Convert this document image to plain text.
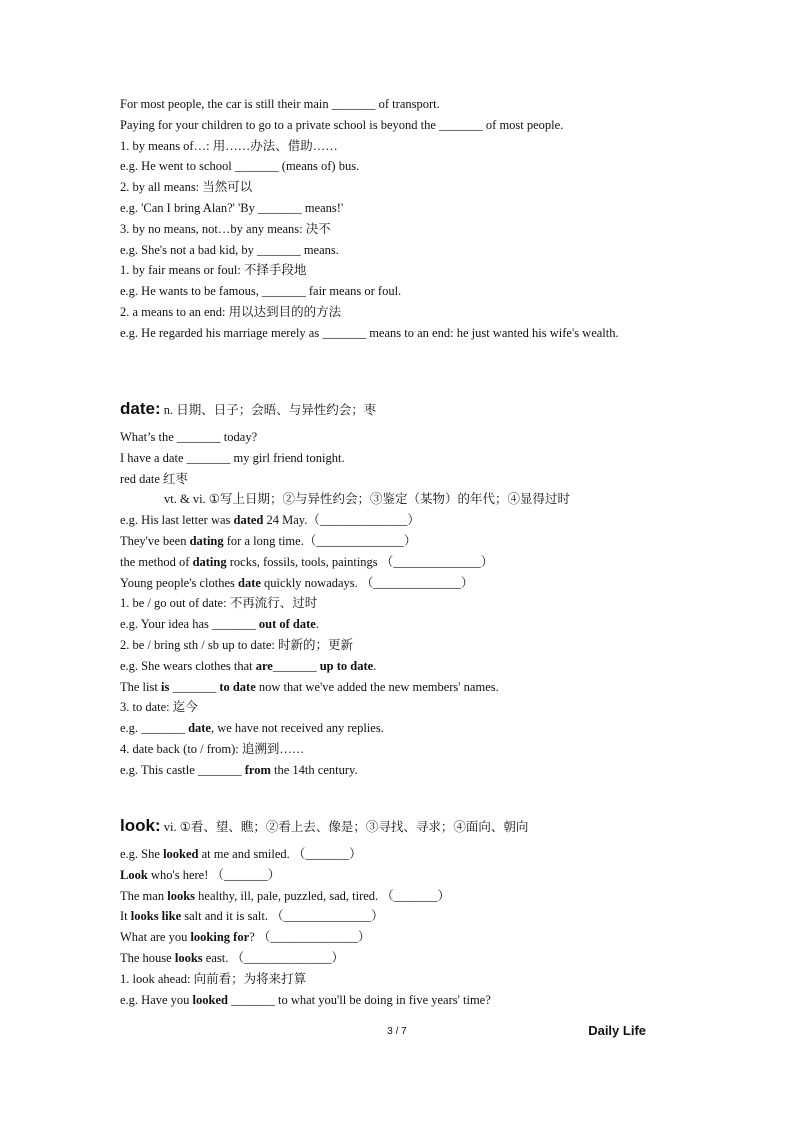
For most people, the car is still their main _______ of transport.
Paying for your children to go to a private school is beyond the _______ of most people.
1. by means of…: 用……办法、借助……
e.g. He went to school _______ (means of) bus.
2. by all means: 当然可以
e.g. 'Can I bring Alan?' 'By _______ means!'
3. by no means, not…by any means: 决不
e.g. She's not a bad kid, by _______ means.
1. by fair means or foul: 不择手段地
e.g. He wants to be famous, _______ fair means or foul.
2. a means to an end: 用以达到目的的方法
e.g. He regarded his marriage merely as _______ means to an end: he just wanted his wife's wealth.
date: n. 日期、日子；会晤、与异性约会；枣
What’s the _______ today?
I have a date _______ my girl friend tonight.
red date 红枣
vt. & vi. ①写上日期；②与异性约会；③鉴定（某物）的年代；④显得过时
e.g. His last letter was dated 24 May.（______________）
They've been dating for a long time.（______________）
the method of dating rocks, fossils, tools, paintings （______________）
Young people's clothes date quickly nowadays. （______________）
1. be / go out of date: 不再流行、过时
e.g. Your idea has _______ out of date.
2. be / bring sth / sb up to date: 时新的；更新
e.g. She wears clothes that are_______ up to date.
The list is _______ to date now that we've added the new members' names.
3. to date: 迄今
e.g. _______ date, we have not received any replies.
4. date back (to / from): 追溯到……
e.g. This castle _______ from the 14th century.
look: vi. ①看、望、瞧；②看上去、像是；③寻找、寻求；④面向、朝向
e.g. She looked at me and smiled. （_______）
Look who's here! （_______）
The man looks healthy, ill, pale, puzzled, sad, tired. （_______）
It looks like salt and it is salt. （______________）
What are you looking for? （______________）
The house looks east. （______________）
1. look ahead: 向前看；为将来打算
e.g. Have you looked _______ to what you'll be doing in five years' time?
3 / 7	Daily Life
